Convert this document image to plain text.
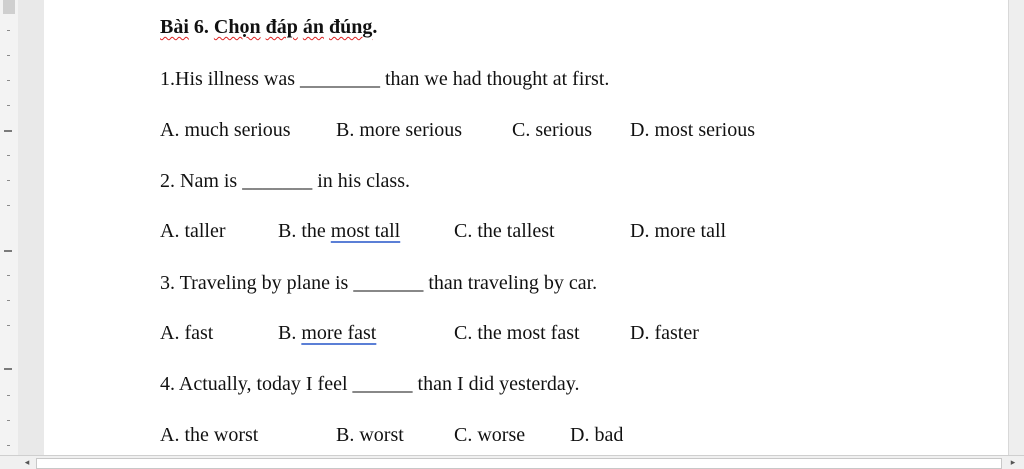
Bài 6. Chọn đáp án đúng.
1.His illness was ________ than we had thought at first.
A. much serious B. more serious C. serious D. most serious
2. Nam is _______ in his class.
A. taller	B. the most tall	C. the tallest	D. more tall
3. Traveling by plane is _______ than traveling by car.
A. fast	B. more fast	C. the most fast	D. faster
4. Actually, today I feel ______ than I did yesterday.
A. the worst	B. worst	C. worse D. bad
◂	▸
